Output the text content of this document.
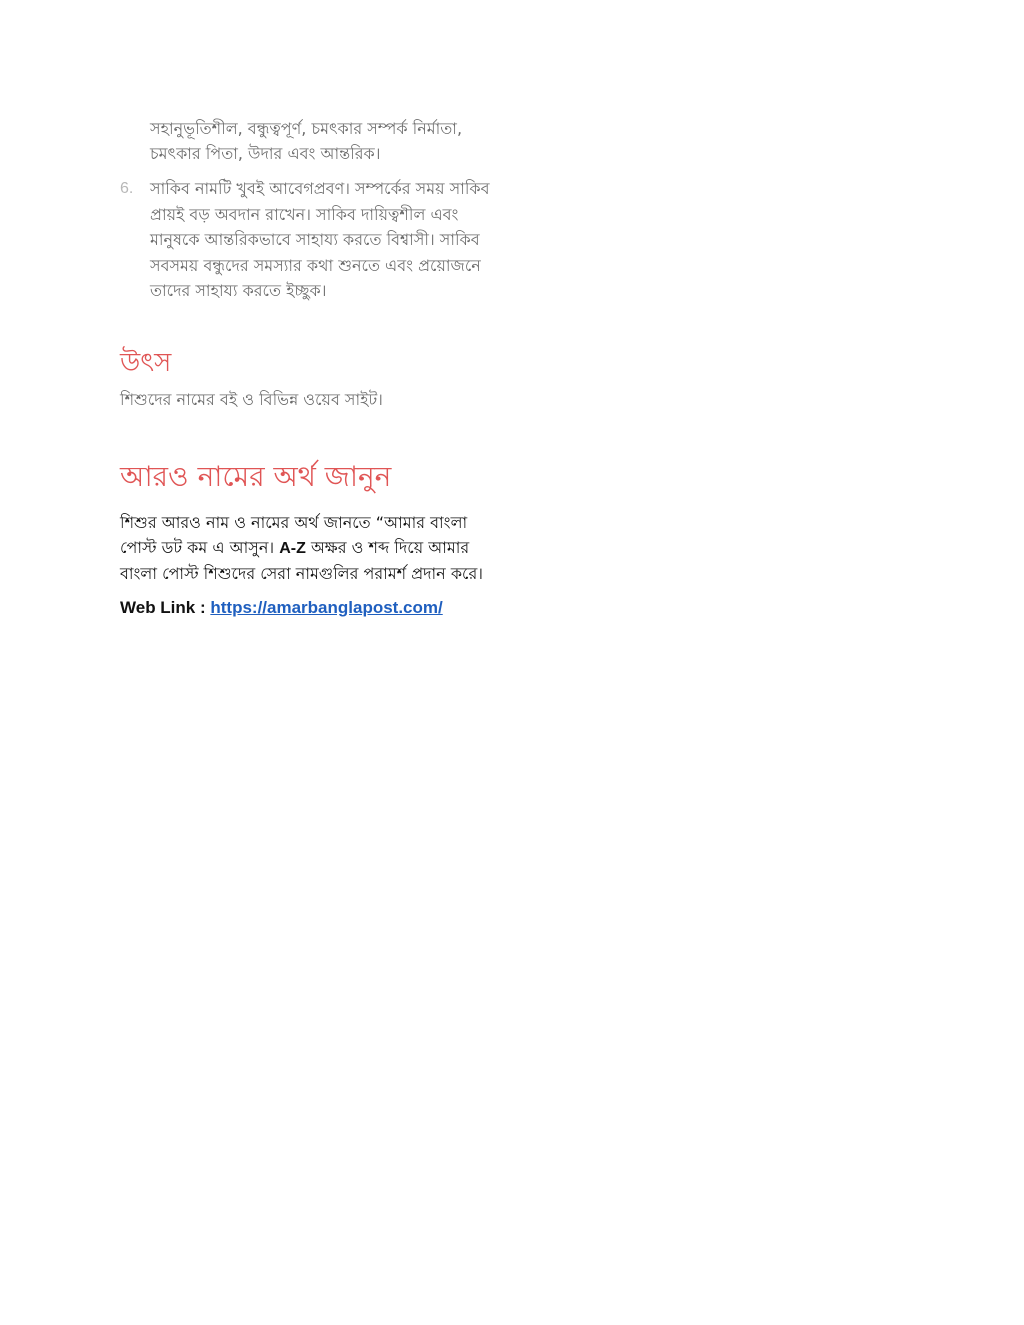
সহানুভূতিশীল, বন্ধুত্বপূর্ণ, চমৎকার সম্পর্ক নির্মাতা,

চমৎকার পিতা, উদার এবং আন্তরিক।

6. সাকিব নামটি খুবই আবেগপ্রবণ। সম্পর্কের সময় সাকিব প্রায়ই বড় অবদান রাখেন। সাকিব দায়িত্বশীল এবং মানুষকে আন্তরিকভাবে সাহায্য করতে বিশ্বাসী। সাকিব সবসময় বন্ধুদের সমস্যার কথা শুনতে এবং প্রয়োজনে তাদের সাহায্য করতে ইচ্ছুক।
উৎস

শিশুদের নামের বই ও বিভিন্ন ওয়েব সাইট।

আরও নামের অর্থ জানুন

শিশুর আরও নাম ও নামের অর্থ জানতে “আমার বাংলা পোস্ট ডট কম এ আসুন। A-Z অক্ষর ও শব্দ দিয়ে আমার বাংলা পোস্ট শিশুদের সেরা নামগুলির পরামর্শ প্রদান করে।

Web Link : https://amarbanglapost.com/
